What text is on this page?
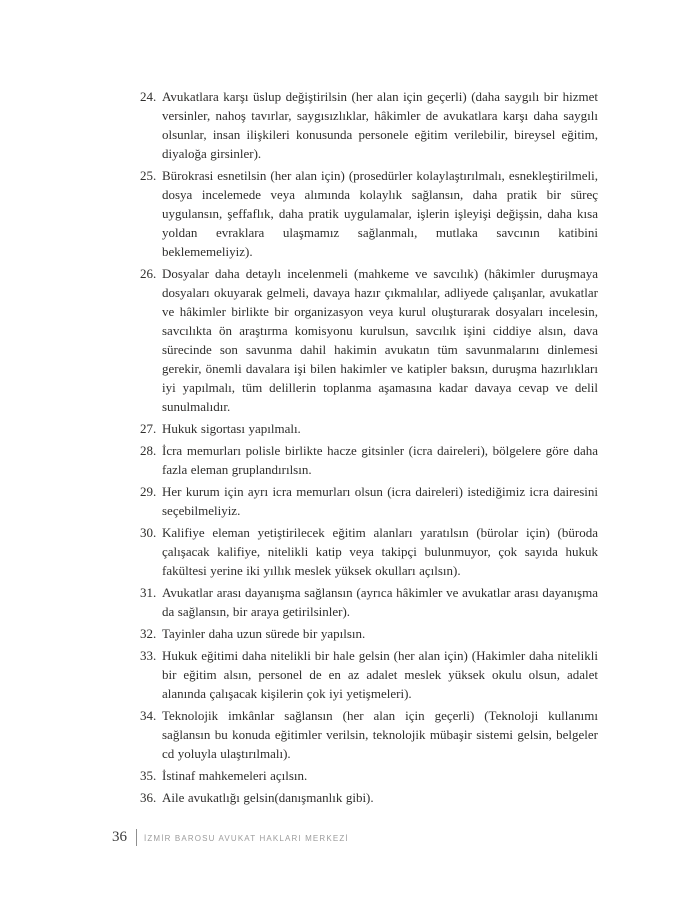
24. Avukatlara karşı üslup değiştirilsin (her alan için geçerli) (daha saygılı bir hizmet versinler, nahoş tavırlar, saygısızlıklar, hâkimler de avukatlara karşı daha saygılı olsunlar, insan ilişkileri konusunda personele eğitim verilebilir, bireysel eğitim, diyaloğa girsinler).
25. Bürokrasi esnetilsin (her alan için) (prosedürler kolaylaştırılmalı, esnekleştirilmeli, dosya incelemede veya alımında kolaylık sağlansın, daha pratik bir süreç uygulansın, şeffaflık, daha pratik uygulamalar, işlerin işleyişi değişsin, daha kısa yoldan evraklara ulaşmamız sağlanmalı, mutlaka savcının katibini beklememeliyiz).
26. Dosyalar daha detaylı incelenmeli (mahkeme ve savcılık) (hâkimler duruşmaya dosyaları okuyarak gelmeli, davaya hazır çıkmalılar, adliyede çalışanlar, avukatlar ve hâkimler birlikte bir organizasyon veya kurul oluşturarak dosyaları incelesin, savcılıkta ön araştırma komisyonu kurulsun, savcılık işini ciddiye alsın, dava sürecinde son savunma dahil hakimin avukatın tüm savunmalarını dinlemesi gerekir, önemli davalara işi bilen hakimler ve katipler baksın, duruşma hazırlıkları iyi yapılmalı, tüm delillerin toplanma aşamasına kadar davaya cevap ve delil sunulmalıdır.
27. Hukuk sigortası yapılmalı.
28. İcra memurları polisle birlikte hacze gitsinler (icra daireleri), bölgelere göre daha fazla eleman gruplandırılsın.
29. Her kurum için ayrı icra memurları olsun (icra daireleri) istediğimiz icra dairesini seçebilmeliyiz.
30. Kalifiye eleman yetiştirilecek eğitim alanları yaratılsın (bürolar için) (büroda çalışacak kalifiye, nitelikli katip veya takipçi bulunmuyor, çok sayıda hukuk fakültesi yerine iki yıllık meslek yüksek okulları açılsın).
31. Avukatlar arası dayanışma sağlansın (ayrıca hâkimler ve avukatlar arası dayanışma da sağlansın, bir araya getirilsinler).
32. Tayinler daha uzun sürede bir yapılsın.
33. Hukuk eğitimi daha nitelikli bir hale gelsin (her alan için) (Hakimler daha nitelikli bir eğitim alsın, personel de en az adalet meslek yüksek okulu olsun, adalet alanında çalışacak kişilerin çok iyi yetişmeleri).
34. Teknolojik imkânlar sağlansın (her alan için geçerli) (Teknoloji kullanımı sağlansın bu konuda eğitimler verilsin, teknolojik mübaşir sistemi gelsin, belgeler cd yoluyla ulaştırılmalı).
35. İstinaf mahkemeleri açılsın.
36. Aile avukatlığı gelsin(danışmanlık gibi).
36 İZMİR BAROSU AVUKAT HAKLARI MERKEZİ
